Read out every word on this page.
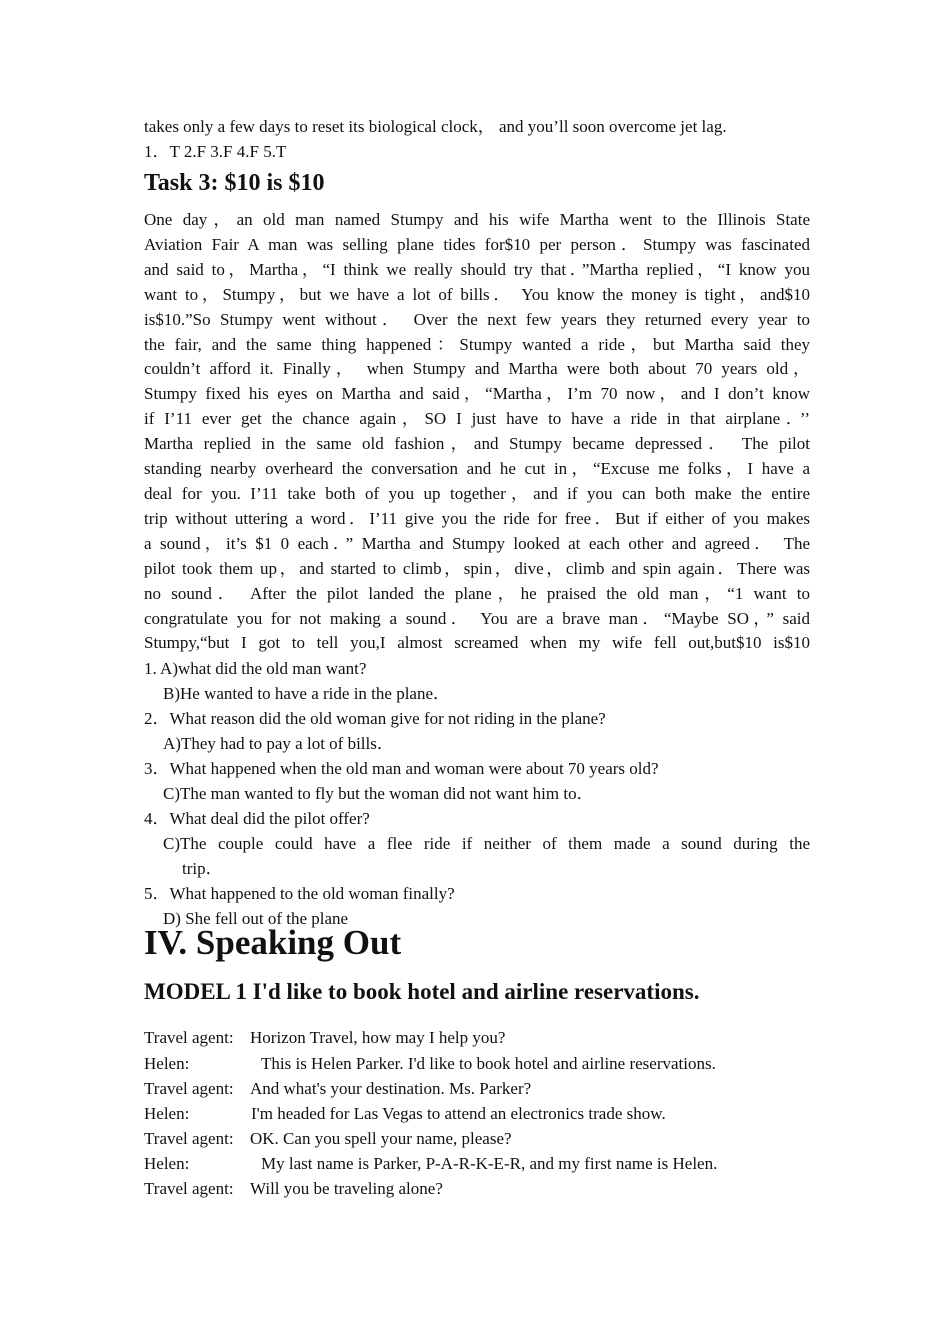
takes only a few days to reset its biological clock， and you’ll soon overcome jet lag.
1．T 2.F 3.F 4.F 5.T
Task 3: $10 is $10
One day，an old man named Stumpy and his wife Martha went to the Illinois State
Aviation Fair A man was selling plane tides for$10 per person．Stumpy was fascinated
and said to，Martha，“I think we really should try that．”Martha replied，“I know you
want to，Stumpy，but we have a lot of bills． You know the money is tight，and$10
is$10.”So Stumpy went without． Over the next few years they returned every year to
the fair, and the same thing happened：Stumpy wanted a ride，but Martha said they
couldn’t afford it. Finally， when Stumpy and Martha were both about 70 years old，
Stumpy fixed his eyes on Martha and said，“Martha，I’m 70 now，and I don’t know
if I’11 ever get the chance again，SO I just have to have a ride in that airplane．’’
Martha replied in the same old fashion，and Stumpy became depressed． The pilot
standing nearby overheard the conversation and he cut in，“Excuse me folks，I have a
deal for you. I’11 take both of you up together，and if you can both make the entire
trip without uttering a word．I’11 give you the ride for free．But if either of you makes
a sound，it’s $1 0 each．” Martha and Stumpy looked at each other and agreed． The
pilot took them up，and started to climb，spin，dive，climb and spin again．There was
no sound． After the pilot landed the plane，he praised the old man，“1 want to
congratulate you for not making a sound． You are a brave man．“Maybe SO，” said
Stumpy,“but I got to tell you,I almost screamed when my wife fell out,but$10 is$10
1. A)what did the old man want?
B)He wanted to have a ride in the plane．
2．What reason did the old woman give for not riding in the plane?
A)They had to pay a lot of bills．
3．What happened when the old man and woman were about 70 years old?
C)The man wanted to fly but the woman did not want him to．
4．What deal did the pilot offer?
C)The couple could have a flee ride if neither of them made a sound during the
trip．
5．What happened to the old woman finally?
D) She fell out of the plane
IV. Speaking Out
MODEL 1 I'd like to book hotel and airline reservations.
Travel agent: Horizon Travel, how may I help you?
Helen:	This is Helen Parker. I'd like to book hotel and airline reservations.
Travel agent: And what's your destination. Ms. Parker?
Helen:	I'm headed for Las Vegas to attend an electronics trade show.
Travel agent: OK. Can you spell your name, please?
Helen:	My last name is Parker, P-A-R-K-E-R, and my first name is Helen.
Travel agent: Will you be traveling alone?
